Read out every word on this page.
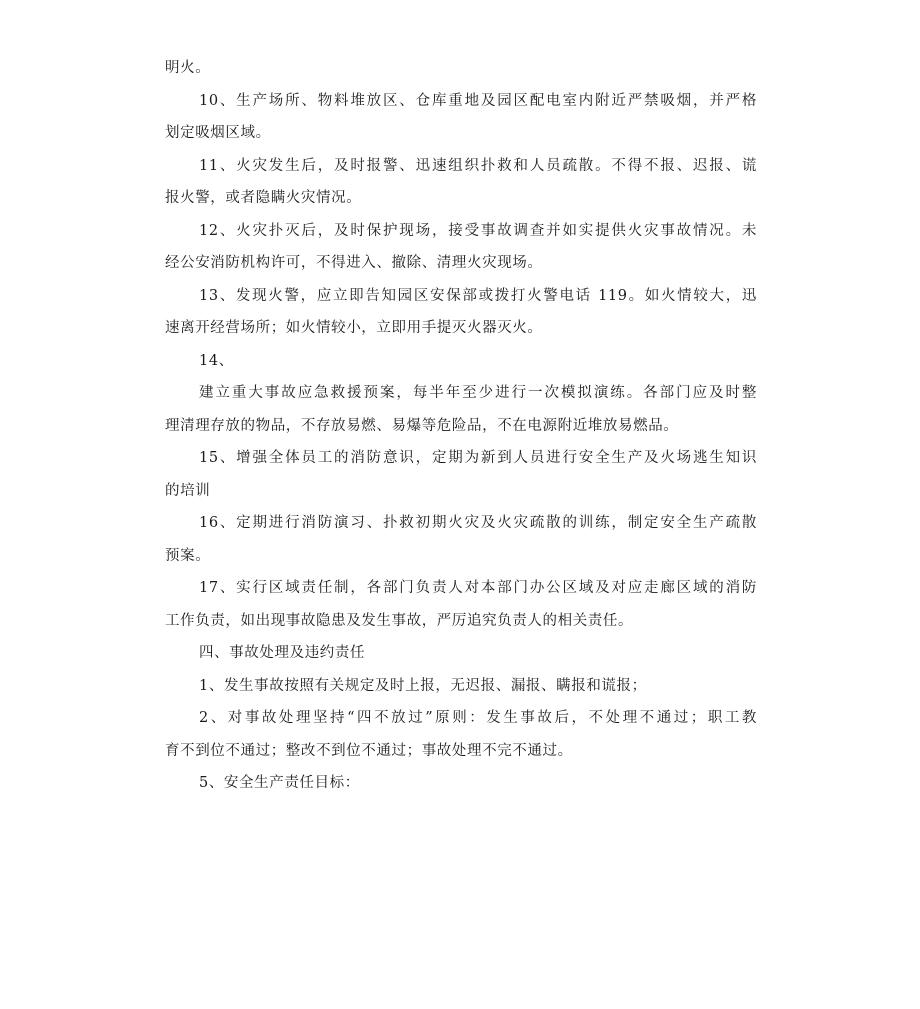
明火。
10、生产场所、物料堆放区、仓库重地及园区配电室内附近严禁吸烟，并严格
划定吸烟区域。
11、火灾发生后，及时报警、迅速组织扑救和人员疏散。不得不报、迟报、谎
报火警，或者隐瞒火灾情况。
12、火灾扑灭后，及时保护现场，接受事故调查并如实提供火灾事故情况。未
经公安消防机构许可，不得进入、撤除、清理火灾现场。
13、发现火警，应立即告知园区安保部或拨打火警电话 119。如火情较大，迅
速离开经营场所；如火情较小，立即用手提灭火器灭火。
14、
建立重大事故应急救援预案，每半年至少进行一次模拟演练。各部门应及时整
理清理存放的物品，不存放易燃、易爆等危险品，不在电源附近堆放易燃品。
15、增强全体员工的消防意识，定期为新到人员进行安全生产及火场逃生知识
的培训
16、定期进行消防演习、扑救初期火灾及火灾疏散的训练，制定安全生产疏散
预案。
17、实行区域责任制，各部门负责人对本部门办公区域及对应走廊区域的消防
工作负责，如出现事故隐患及发生事故，严厉追究负责人的相关责任。
四、事故处理及违约责任
1、发生事故按照有关规定及时上报，无迟报、漏报、瞒报和谎报；
2、对事故处理坚持“四不放过”原则：发生事故后，不处理不通过；职工教
育不到位不通过；整改不到位不通过；事故处理不完不通过。
5、安全生产责任目标：
